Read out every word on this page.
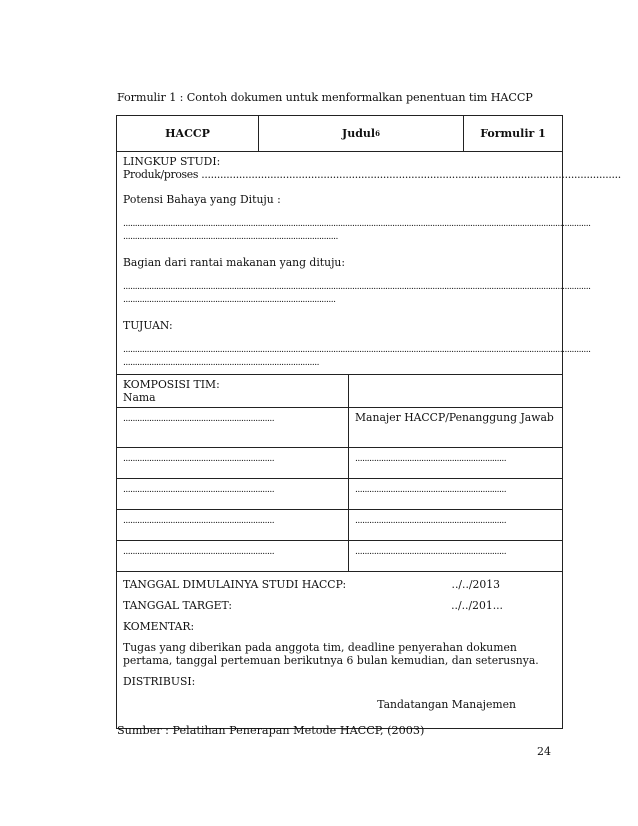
Formulir 1 : Contoh dokumen untuk menformalkan penentuan tim HACCP
HACCP	Judul 6	Formulir 1

LINGKUP STUDI:

Produk/proses ......................................................................................................................................

Potensi Bahaya yang Dituju :

......................................................................................................................................................................................................

...........................................................................................

Bagian dari rantai makanan yang dituju:

......................................................................................................................................................................................................

..........................................................................................

TUJUAN:

......................................................................................................................................................................................................

...................................................................................

KOMPOSISI TIM:
Nama
................................................................	Manajer HACCP/Penanggung Jawab
................................................................	................................................................
................................................................	................................................................
................................................................	................................................................
................................................................	................................................................
TANGGAL DIMULAINYA STUDI HACCP:	../../2013
TANGGAL TARGET:	../../201...

KOMENTAR:

Tugas yang diberikan pada anggota tim, deadline penyerahan dokumen pertama, tanggal pertemuan berikutnya 6 bulan kemudian, dan seterusnya.

DISTRIBUSI:

Tandatangan Manajemen

Sumber : Pelatihan Penerapan Metode HACCP, (2003)
24
